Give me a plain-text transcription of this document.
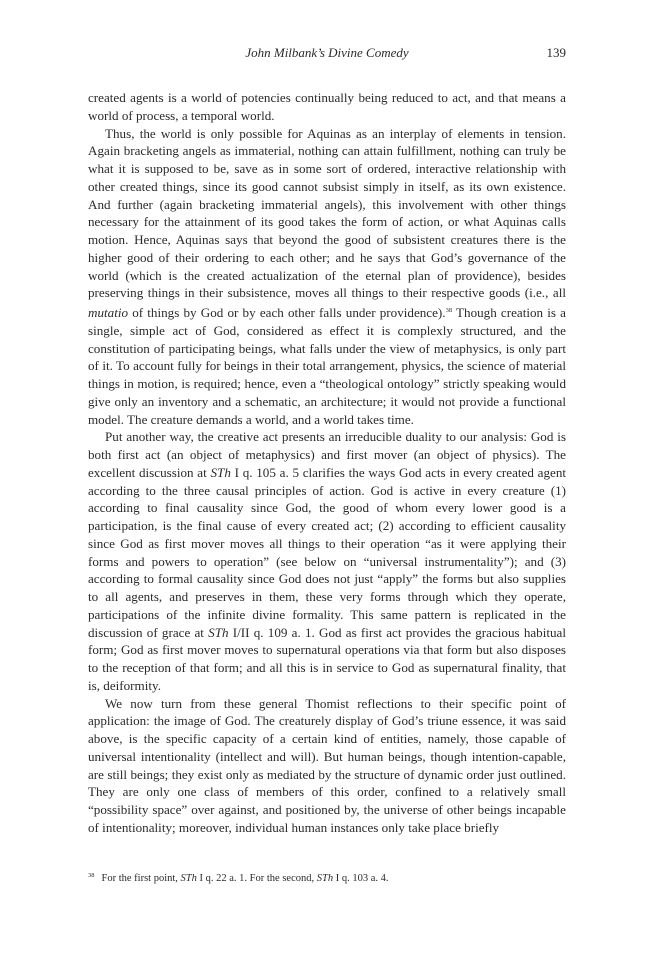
John Milbank’s Divine Comedy	139

created agents is a world of potencies continually being reduced to act, and that means a world of process, a temporal world.

Thus, the world is only possible for Aquinas as an interplay of elements in tension. Again bracketing angels as immaterial, nothing can attain fulfillment, nothing can truly be what it is supposed to be, save as in some sort of ordered, interactive relationship with other created things, since its good cannot subsist simply in itself, as its own existence. And further (again bracketing immaterial angels), this involvement with other things necessary for the attainment of its good takes the form of action, or what Aquinas calls motion. Hence, Aquinas says that beyond the good of subsistent creatures there is the higher good of their ordering to each other; and he says that God’s governance of the world (which is the created actualization of the eternal plan of providence), besides preserving things in their subsistence, moves all things to their respective goods (i.e., all mutatio of things by God or by each other falls under providence).$^{38}$ Though creation is a single, simple act of God, considered as effect it is complexly structured, and the constitution of participating beings, what falls under the view of metaphysics, is only part of it. To account fully for beings in their total arrangement, physics, the science of material things in motion, is required; hence, even a “theological ontology” strictly speaking would give only an inventory and a schematic, an architecture; it would not provide a functional model. The creature demands a world, and a world takes time.

Put another way, the creative act presents an irreducible duality to our analysis: God is both first act (an object of metaphysics) and first mover (an object of physics). The excellent discussion at STh I q. 105 a. 5 clarifies the ways God acts in every created agent according to the three causal principles of action. God is active in every creature (1) according to final causality since God, the good of whom every lower good is a participation, is the final cause of every created act; (2) according to efficient causality since God as first mover moves all things to their operation “as it were applying their forms and powers to operation” (see below on “universal instrumentality”); and (3) according to formal causality since God does not just “apply” the forms but also supplies to all agents, and preserves in them, these very forms through which they operate, participations of the infinite divine formality. This same pattern is replicated in the discussion of grace at STh I/II q. 109 a. 1. God as first act provides the gracious habitual form; God as first mover moves to supernatural operations via that form but also disposes to the reception of that form; and all this is in service to God as supernatural finality, that is, deiformity.

We now turn from these general Thomist reflections to their specific point of application: the image of God. The creaturely display of God’s triune essence, it was said above, is the specific capacity of a certain kind of entities, namely, those capable of universal intentionality (intellect and will). But human beings, though intention-capable, are still beings; they exist only as mediated by the structure of dynamic order just outlined. They are only one class of members of this order, confined to a relatively small “possibility space” over against, and positioned by, the universe of other beings incapable of intentionality; moreover, individual human instances only take place briefly

$^{38}$ For the first point, STh I q. 22 a. 1. For the second, STh I q. 103 a. 4.
